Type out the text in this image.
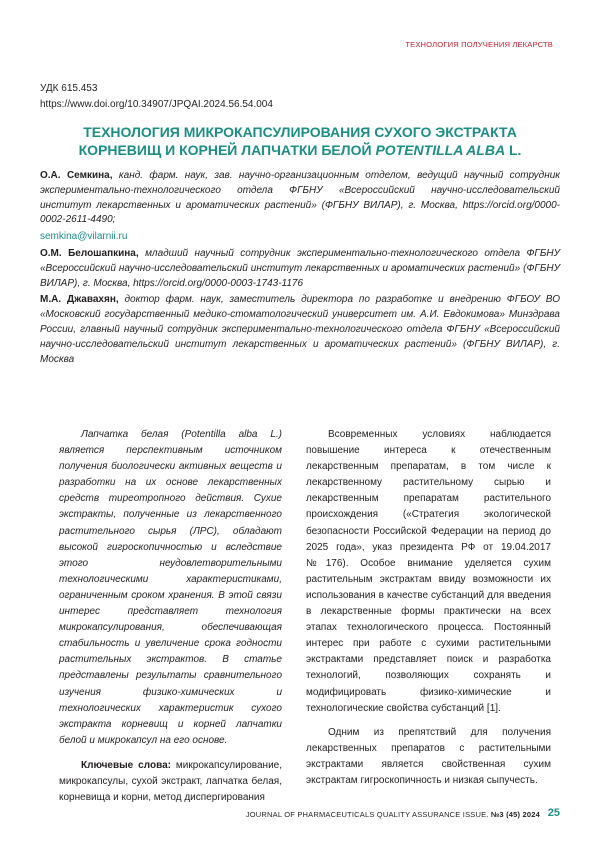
ТЕХНОЛОГИЯ ПОЛУЧЕНИЯ ЛЕКАРСТВ
УДК 615.453
https://www.doi.org/10.34907/JPQAI.2024.56.54.004
ТЕХНОЛОГИЯ МИКРОКАПСУЛИРОВАНИЯ СУХОГО ЭКСТРАКТА
КОРНЕВИЩ И КОРНЕЙ ЛАПЧАТКИ БЕЛОЙ POTENTILLA ALBA L.

О.А. Семкина, канд. фарм. наук, зав. научно-организационным отделом, ведущий научный сотрудник экспериментально-технологического отдела ФГБНУ «Всероссийский научно-исследовательский институт лекарственных и ароматических растений» (ФГБНУ ВИЛАР), г. Москва, https://orcid.org/0000-0002-2611-4490;

semkina@vilarnii.ru

О.М. Белошапкина, младший научный сотрудник экспериментально-технологического отдела ФГБНУ «Всероссийский научно-исследовательский институт лекарственных и ароматических растений» (ФГБНУ ВИЛАР), г. Москва, https://orcid.org/0000-0003-1743-1176

М.А. Джавахян, доктор фарм. наук, заместитель директора по разработке и внедрению ФГБОУ ВО «Московский государственный медико-стоматологический университет им. А.И. Евдокимова» Минздрава России, главный научный сотрудник экспериментально-технологического отдела ФГБНУ «Всероссийский научно-исследовательский институт лекарственных и ароматических растений» (ФГБНУ ВИЛАР), г. Москва

Лапчатка белая (Potentilla alba L.) является перспективным источником получения биологически активных веществ и разработки на их основе лекарственных средств тиреотропного действия. Сухие экстракты, полученные из лекарственного растительного сырья (ЛРС), обладают высокой гигроскопичностью и вследствие этого неудовлетворительными технологическими характеристиками, ограниченным сроком хранения. В этой связи интерес представляет технология микрокапсулирования, обеспечивающая стабильность и увеличение срока годности растительных экстрактов. В статье представлены результаты сравнительного изучения физико-химических и технологических характеристик сухого экстракта корневищ и корней лапчатки белой и микрокапсул на его основе.

Ключевые слова: микрокапсулирование, микрокапсулы, сухой экстракт, лапчатка белая, корневища и корни, метод диспергирования

Всовременных условиях наблюдается повышение интереса к отечественным лекарственным препаратам, в том числе к лекарственному растительному сырью и лекарственным препаратам растительного происхождения («Стратегия экологической безопасности Российской Федерации на период до 2025 года», указ президента РФ от 19.04.2017 №176). Особое внимание уделяется сухим растительным экстрактам ввиду возможности их использования в качестве субстанций для введения в лекарственные формы практически на всех этапах технологического процесса. Постоянный интерес при работе с сухими растительными экстрактами представляет поиск и разработка технологий, позволяющих сохранять и модифицировать физико-химические и технологические свойства субстанций [1].

Одним из препятствий для получения лекарственных препаратов с растительными экстрактами является свойственная сухим экстрактам гигроскопичность и низкая сыпучесть.

JOURNAL OF PHARMACEUTICALS QUALITY ASSURANCE ISSUE. №3 (45) 2024 25
